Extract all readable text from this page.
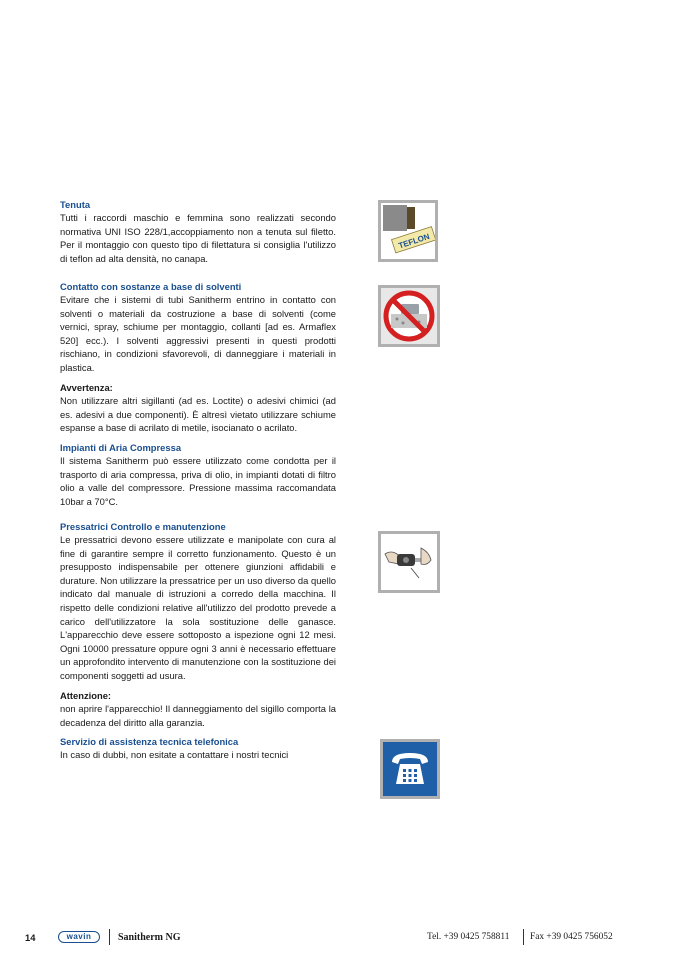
Tenuta

Tutti i raccordi maschio e femmina sono realizzati secondo normativa UNI ISO 228/1,accoppiamento non a tenuta sul filetto. Per il montaggio con questo tipo di filettatura si consiglia l'utilizzo di teflon ad alta densità, no canapa.

Contatto con sostanze a base di solventi

Evitare che i sistemi di tubi Sanitherm entrino in contatto con solventi o materiali da costruzione a base di solventi (come vernici, spray, schiume per montaggio, collanti [ad es. Armaflex 520] ecc.). I solventi aggressivi presenti in questi prodotti rischiano, in condizioni sfavorevoli, di danneggiare i materiali in plastica.

Avvertenza:

Non utilizzare altri sigillanti (ad es. Loctite) o adesivi chimici (ad es. adesivi a due componenti). È altresì vietato utilizzare schiume espanse a base di acrilato di metile, isocianato o acrilato.

Impianti di Aria Compressa

Il sistema Sanitherm può essere utilizzato come condotta per il trasporto di aria compressa, priva di olio, in impianti dotati di filtro olio a valle del compressore. Pressione massima raccomandata 10bar a 70°C.

Pressatrici Controllo e manutenzione

Le pressatrici devono essere utilizzate e manipolate con cura al fine di garantire sempre il corretto funzionamento. Questo è un presupposto indispensabile per ottenere giunzioni affidabili e durature. Non utilizzare la pressatrice per un uso diverso da quello indicato dal manuale di istruzioni a corredo della macchina. Il rispetto delle condizioni relative all'utilizzo del prodotto prevede a carico dell'utilizzatore la sola sostituzione delle ganasce. L'apparecchio deve essere sottoposto a ispezione ogni 12 mesi. Ogni 10000 pressature oppure ogni 3 anni è necessario effettuare un approfondito intervento di manutenzione con la sostituzione dei componenti soggetti ad usura.

Attenzione:

non aprire l'apparecchio! Il danneggiamento del sigillo comporta la decadenza del diritto alla garanzia.

Servizio di assistenza tecnica telefonica

In caso di dubbi, non esitate a contattare i nostri tecnici

TEFLON
14	wavin	Sanitherm NG	Tel. +39 0425 758811 Fax +39 0425 756052
